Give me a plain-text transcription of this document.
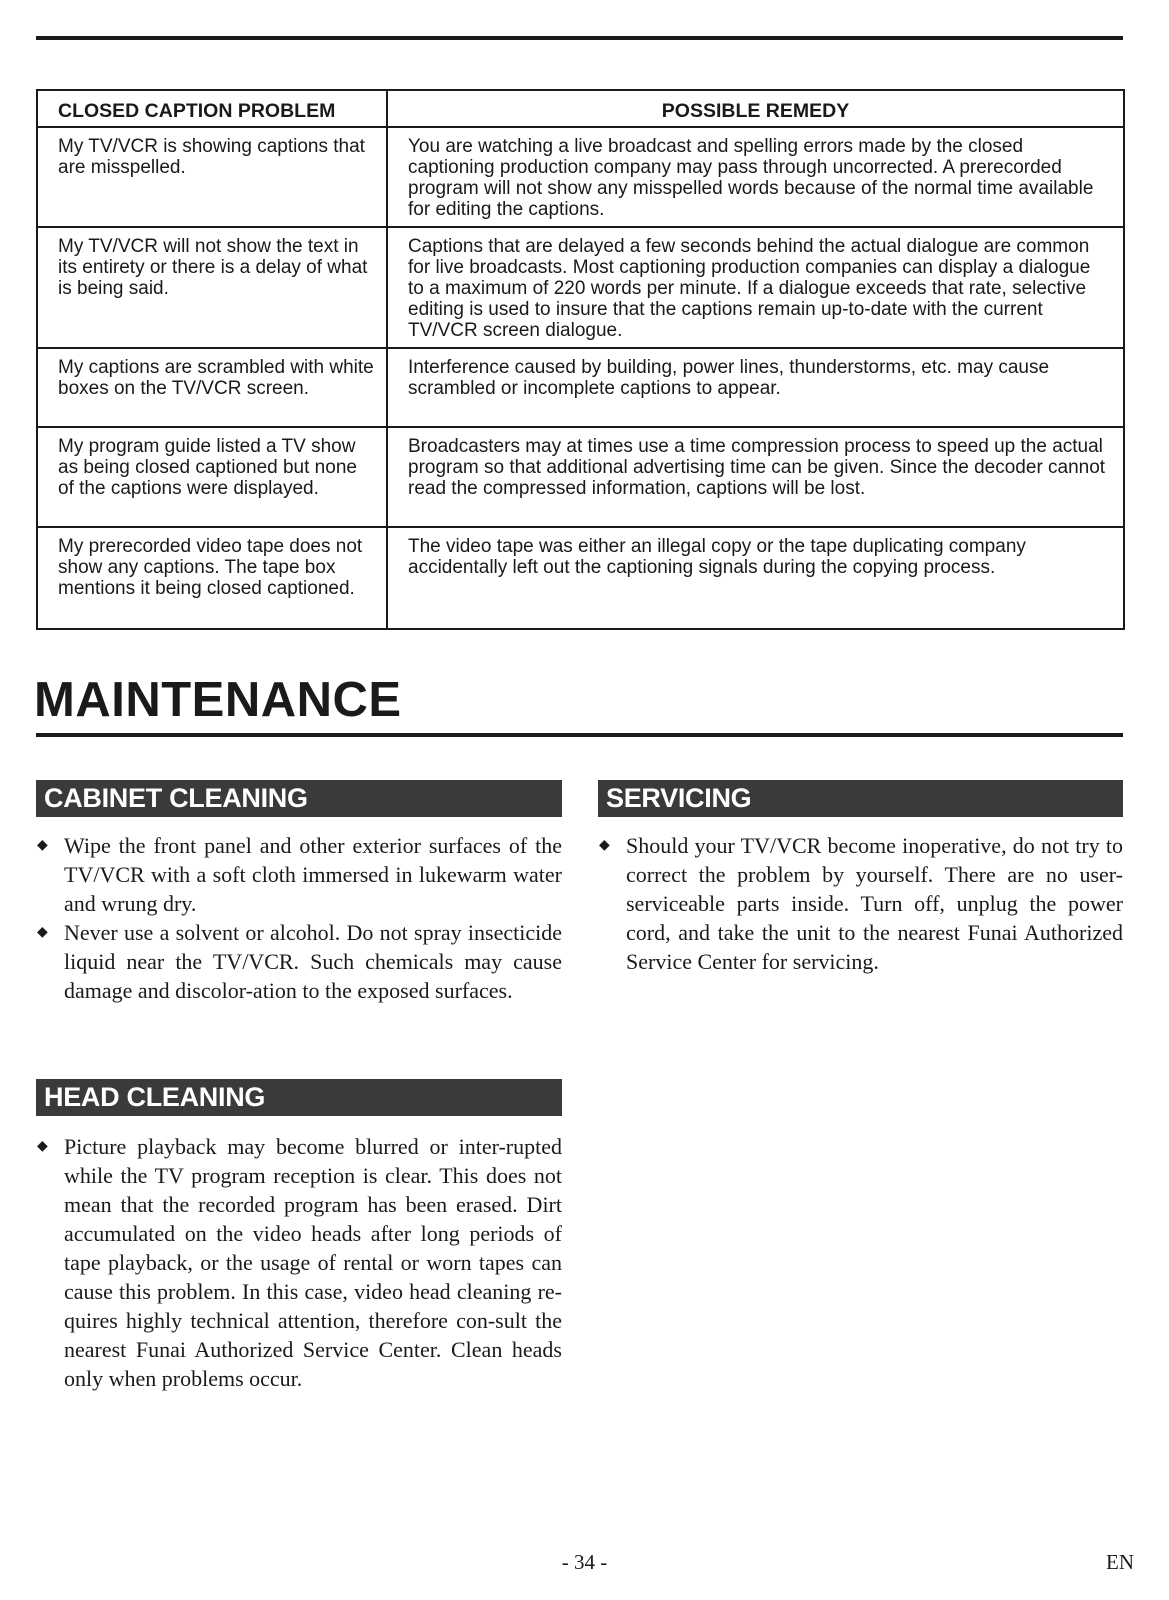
CLOSED CAPTION PROBLEM	POSSIBLE REMEDY
My TV/VCR is showing captions that are misspelled.	You are watching a live broadcast and spelling errors made by the closed captioning production company may pass through uncorrected. A prerecorded program will not show any misspelled words because of the normal time available for editing the captions.
My TV/VCR will not show the text in its entirety or there is a delay of what is being said.	Captions that are delayed a few seconds behind the actual dialogue are common for live broadcasts. Most captioning production companies can display a dialogue to a maximum of 220 words per minute. If a dialogue exceeds that rate, selective editing is used to insure that the captions remain up-to-date with the current TV/VCR screen dialogue.
My captions are scrambled with white boxes on the TV/VCR screen.	Interference caused by building, power lines, thunderstorms, etc. may cause scrambled or incomplete captions to appear.
My program guide listed a TV show as being closed captioned but none of the captions were displayed.	Broadcasters may at times use a time compression process to speed up the actual program so that additional advertising time can be given. Since the decoder cannot read the compressed information, captions will be lost.
My prerecorded video tape does not show any captions. The tape box mentions it being closed captioned.	The video tape was either an illegal copy or the tape duplicating company accidentally left out the captioning signals during the copying process.
MAINTENANCE
CABINET CLEANING
◆ Wipe the front panel and other exterior surfaces of the TV/VCR with a soft cloth immersed in lukewarm water and wrung dry.
◆ Never use a solvent or alcohol. Do not spray insecticide liquid near the TV/VCR. Such chemicals may cause damage and discolor-ation to the exposed surfaces.
SERVICING
◆ Should your TV/VCR become inoperative, do not try to correct the problem by yourself. There are no user-serviceable parts inside. Turn off, unplug the power cord, and take the unit to the nearest Funai Authorized Service Center for servicing.
HEAD CLEANING
◆ Picture playback may become blurred or inter-rupted while the TV program reception is clear. This does not mean that the recorded program has been erased. Dirt accumulated on the video heads after long periods of tape playback, or the usage of rental or worn tapes can cause this problem. In this case, video head cleaning re-quires highly technical attention, therefore con-sult the nearest Funai Authorized Service Center. Clean heads only when problems occur.
- 34 -	EN
